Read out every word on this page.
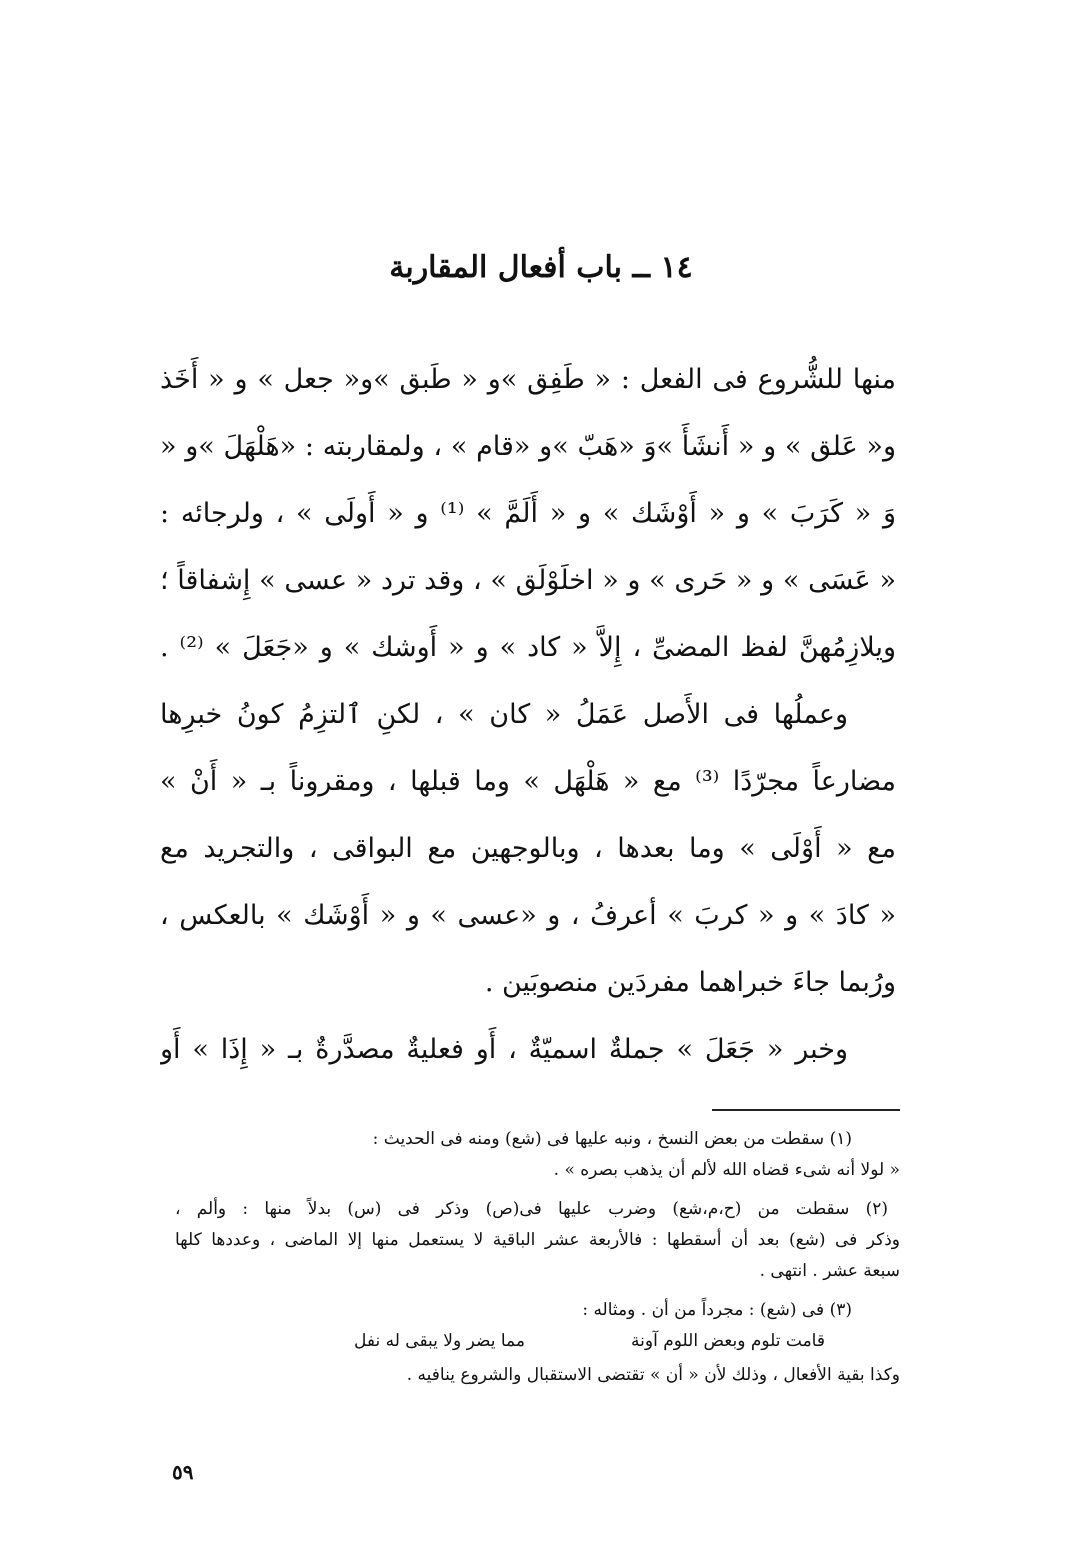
١٤ ــ باب أفعال المقاربة
منها للشُّروع فى الفعل : « طَفِق »و « طَبق »و« جعل » و « أَخَذ
و« عَلق » و « أَنشَأَ »وَ «هَبّ »و «قام » ، ولمقاربته : «هَلْهَلَ »و «
وَ « كَرَبَ » و « أَوْشَك » و « أَلَمَّ » ⁽¹⁾ و « أَولَى » ، ولرجائه :
« عَسَى » و « حَرى » و « اخلَوْلَق » ، وقد ترد « عسى » إِشفاقاً ؛
ويلازِمُهنَّ لفظ المضىِّ ، إِلاَّ « كاد » و « أَوشك » و «جَعَلَ » ⁽²⁾ .
وعملُها فى الأَصل عَمَلُ « كان » ، لكنِ ٱلتزِمُ كونُ خبرِها
مضارعاً مجرّدًا ⁽³⁾ مع « هَلْهَل » وما قبلها ، ومقروناً بـ « أَنْ »
مع « أَوْلَى » وما بعدها ، وبالوجهين مع البواقى ، والتجريد مع
« كادَ » و « كربَ » أعرفُ ، و «عسى » و « أَوْشَك » بالعكس ،
ورُبما جاءَ خبراهما مفردَين منصوبَين .
وخبر « جَعَلَ » جملةٌ اسميّةٌ ، أَو فعليةٌ مصدَّرةٌ بـ « إِذَا » أَو
(١) سقطت من بعض النسخ ، ونبه عليها فى (شع) ومنه فى الحديث :
« لولا أنه شىء قضاه الله لألم أن يذهب بصره » .
(٢) سقطت من (ح،م،شع) وضرب عليها فى(ص) وذكر فى (س) بدلاً منها : وألم ،
وذكر فى (شع) بعد أن أسقطها : فالأربعة عشر الباقية لا يستعمل منها إلا الماضى ، وعددها كلها
سبعة عشر . انتهى .
(٣) فى (شع) : مجرداً من أن . ومثاله :
قامت تلوم وبعض اللوم آونة
مما يضر ولا يبقى له نفل
وكذا بقية الأفعال ، وذلك لأن « أن » تقتضى الاستقبال والشروع ينافيه .
٥٩
